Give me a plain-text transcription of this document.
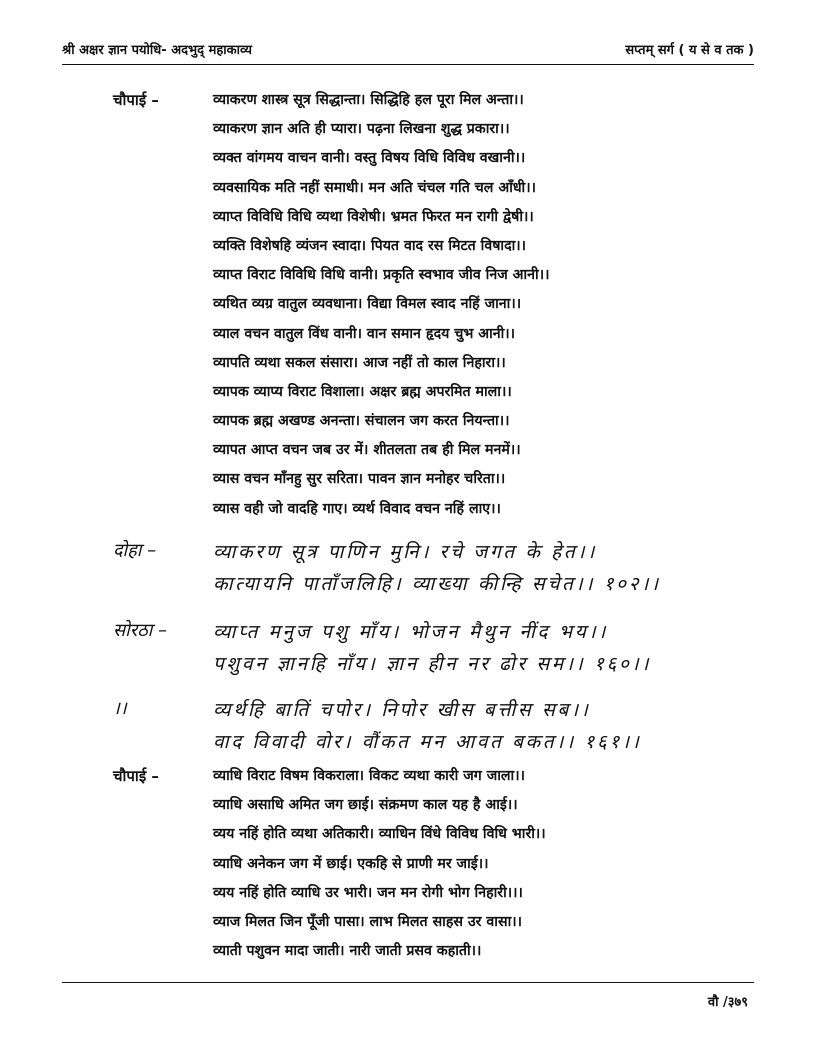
श्री अक्षर ज्ञान पयोधि- अदभुद् महाकाव्य	सप्तम् सर्ग ( य से व तक )
चौपाई –	व्याकरण शास्त्र सूत्र सिद्धान्ता। सिद्धिहि हल पूरा मिल अन्ता।।
व्याकरण ज्ञान अति ही प्यारा। पढ़ना लिखना शुद्ध प्रकारा।।
व्यक्त वांगमय वाचन वानी। वस्तु विषय विधि विविध वखानी।।
व्यवसायिक मति नहीं समाधी। मन अति चंचल गति चल आँधी।।
व्याप्त विविधि विधि व्यथा विशेषी। भ्रमत फिरत मन रागी द्वेषी।।
व्यक्ति विशेषहि व्यंजन स्वादा। पियत वाद रस मिटत विषादा।।
व्याप्त विराट विविधि विधि वानी। प्रकृति स्वभाव जीव निज आनी।।
व्यथित व्यग्र वातुल व्यवधाना। विद्या विमल स्वाद नहिं जाना।।
व्याल वचन वातुल विंध वानी। वान समान हृदय चुभ आनी।।
व्यापति व्यथा सकल संसारा। आज नहीं तो काल निहारा।।
व्यापक व्याप्य विराट विशाला। अक्षर ब्रह्म अपरमित माला।।
व्यापक ब्रह्म अखण्ड अनन्ता। संचालन जग करत नियन्ता।।
व्यापत आप्त वचन जब उर में। शीतलता तब ही मिल मनमें।।
व्यास वचन माँनहु सुर सरिता। पावन ज्ञान मनोहर चरिता।।
व्यास वही जो वादहि गाए। व्यर्थ विवाद वचन नहिं लाए।।
दोहा –	व्याकरण सूत्र पाणिन मुनि। रचे जगत के हेत।।
कात्यायनि पाताँजलिहि। व्याख्या कीन्हि सचेत।। १०२।।
सोरठा – व्याप्त मनुज पशु माँय। भोजन मैथुन नींद भय।।
पशुवन ज्ञानहि नाँय। ज्ञान हीन नर ढोर सम।। १६०।।
।।	व्यर्थहि बातिं चपोर। निपोर खीस बत्तीस सब।।
वाद विवादी वोर। वौंकत मन आवत बकत।। १६१।।
चौपाई –	व्याधि विराट विषम विकराला। विकट व्यथा कारी जग जाला।।
व्याधि असाधि अमित जग छाई। संक्रमण काल यह है आई।।
व्यय नहिं होति व्यथा अतिकारी। व्याधिन विंधे विविध विधि भारी।।
व्याधि अनेकन जग में छाई। एकहि से प्राणी मर जाई।।
व्यय नहिं होति व्याधि उर भारी। जन मन रोगी भोग निहारी।।।
व्याज मिलत जिन पूँजी पासा। लाभ मिलत साहस उर वासा।।
व्याती पशुवन मादा जाती। नारी जाती प्रसव कहाती।।
वौ /३७९
